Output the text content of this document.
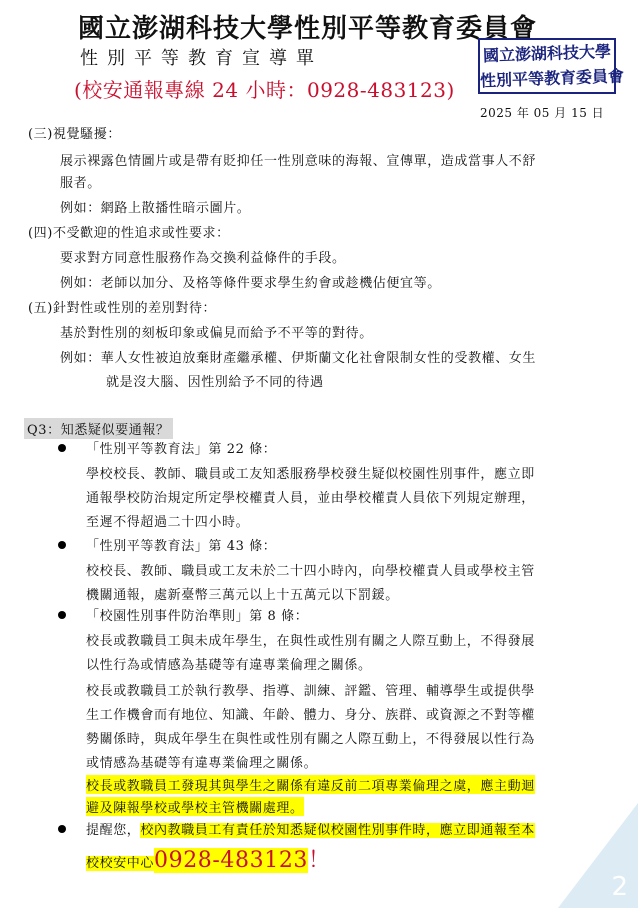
國立澎湖科技大學性別平等教育委員會
性別平等教育宣導單
(校安通報專線 24 小時：0928-483123)
國立澎湖科技大學
性別平等教育委員會
2025 年 05 月 15 日
(三)視覺騷擾：
展示裸露色情圖片或是帶有貶抑任一性別意味的海報、宣傳單，造成當事人不舒
服者。
例如：網路上散播性暗示圖片。
(四)不受歡迎的性追求或性要求：
要求對方同意性服務作為交換利益條件的手段。
例如：老師以加分、及格等條件要求學生約會或趁機佔便宜等。
(五)針對性或性別的差別對待：
基於對性別的刻板印象或偏見而給予不平等的對待。
例如：華人女性被迫放棄財產繼承權、伊斯蘭文化社會限制女性的受教權、女生
就是沒大腦、因性別給予不同的待遇
Q3：知悉疑似要通報？
「性別平等教育法」第 22 條：
學校校長、教師、職員或工友知悉服務學校發生疑似校園性別事件，應立即
通報學校防治規定所定學校權責人員，並由學校權責人員依下列規定辦理，
至遲不得超過二十四小時。
「性別平等教育法」第 43 條：
校校長、教師、職員或工友未於二十四小時內，向學校權責人員或學校主管
機關通報，處新臺幣三萬元以上十五萬元以下罰鍰。
「校園性別事件防治準則」第 8 條：
校長或教職員工與未成年學生，在與性或性別有關之人際互動上，不得發展
以性行為或情感為基礎等有違專業倫理之關係。
校長或教職員工於執行教學、指導、訓練、評鑑、管理、輔導學生或提供學
生工作機會而有地位、知識、年齡、體力、身分、族群、或資源之不對等權
勢關係時，與成年學生在與性或性別有關之人際互動上，不得發展以性行為
或情感為基礎等有違專業倫理之關係。
校長或教職員工發現其與學生之關係有違反前二項專業倫理之虞，應主動迴
避及陳報學校或學校主管機關處理。
提醒您，校內教職員工有責任於知悉疑似校園性別事件時，應立即通報至本
校校安中心0928-483123！
2
